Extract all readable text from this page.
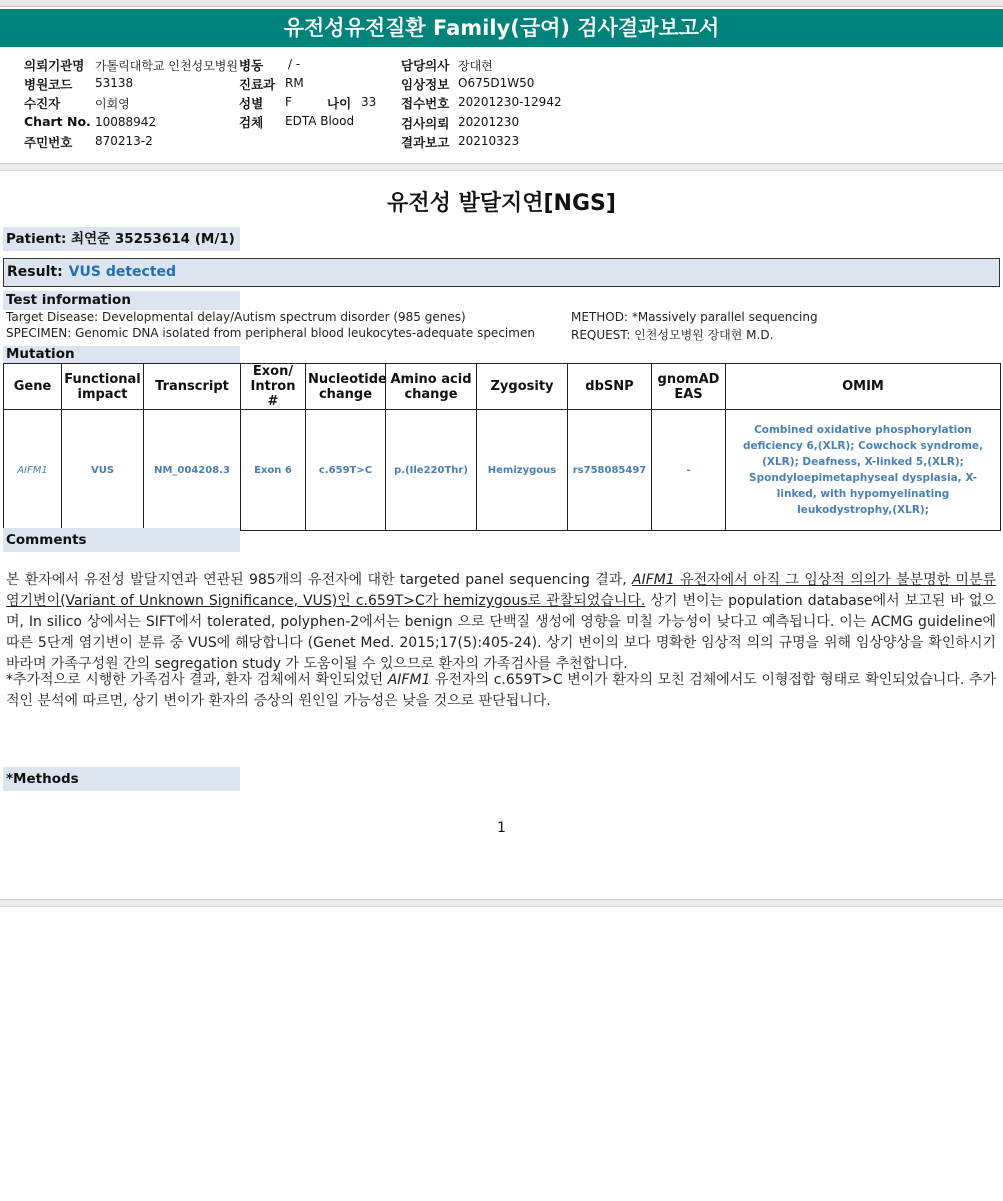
유전성유전질환 Family(급여) 검사결과보고서
의뢰기관명 가톨릭대학교 인천성모병원 병동 / -	담당의사 장대현
병원코드 53138	진료과 RM	임상정보 O675D1W50
수진자	이회영	성별 F	나이 33 접수번호 20201230-12942
Chart No. 10088942	검체 EDTA Blood	검사의뢰 20201230
주민번호 870213-2	결과보고 20210323
유전성 발달지연[NGS]
Patient: 최연준 35253614 (M/1)
Result: VUS detected
Test information
Target Disease: Developmental delay/Autism spectrum disorder (985 genes)	METHOD: *Massively parallel sequencing
SPECIMEN: Genomic DNA isolated from peripheral blood leukocytes-adequate specimen	REQUEST: 인천성모병원 장대현 M.D.
Mutation
Gene	Functional impact	Transcript	Exon/ Intron #	Nucleotide change	Amino acid change	Zygosity	dbSNP	gnomAD EAS	OMIM
AIFM1	VUS	NM_004208.3	Exon 6	c.659T>C	p.(Ile220Thr)	Hemizygous	rs758085497	-	Combined oxidative phosphorylation deficiency 6,(XLR); Cowchock syndrome,(XLR); Deafness, X-linked 5,(XLR); Spondyloepimetaphyseal dysplasia, X-linked, with hypomyelinating leukodystrophy,(XLR);
Comments
본 환자에서 유전성 발달지연과 연관된 985개의 유전자에 대한 targeted panel sequencing 결과, AIFM1 유전자에서 아직 그 임상적 의의가 불분명한 미분류 염기변이(Variant of Unknown Significance, VUS)인 c.659T>C가 hemizygous로 관찰되었습니다. 상기 변이는 population database에서 보고된 바 없으며, In silico 상에서는 SIFT에서 tolerated, polyphen-2에서는 benign 으로 단백질 생성에 영향을 미칠 가능성이 낮다고 예측됩니다. 이는 ACMG guideline에 따른 5단계 염기변이 분류 중 VUS에 해당합니다 (Genet Med. 2015;17(5):405-24). 상기 변이의 보다 명확한 임상적 의의 규명을 위해 임상양상을 확인하시기 바라며 가족구성원 간의 segregation study 가 도움이될 수 있으므로 환자의 가족검사를 추천합니다.
*추가적으로 시행한 가족검사 결과, 환자 검체에서 확인되었던 AIFM1 유전자의 c.659T>C 변이가 환자의 모친 검체에서도 이형접합 형태로 확인되었습니다. 추가적인 분석에 따르면, 상기 변이가 환자의 증상의 원인일 가능성은 낮을 것으로 판단됩니다.
*Methods
1
